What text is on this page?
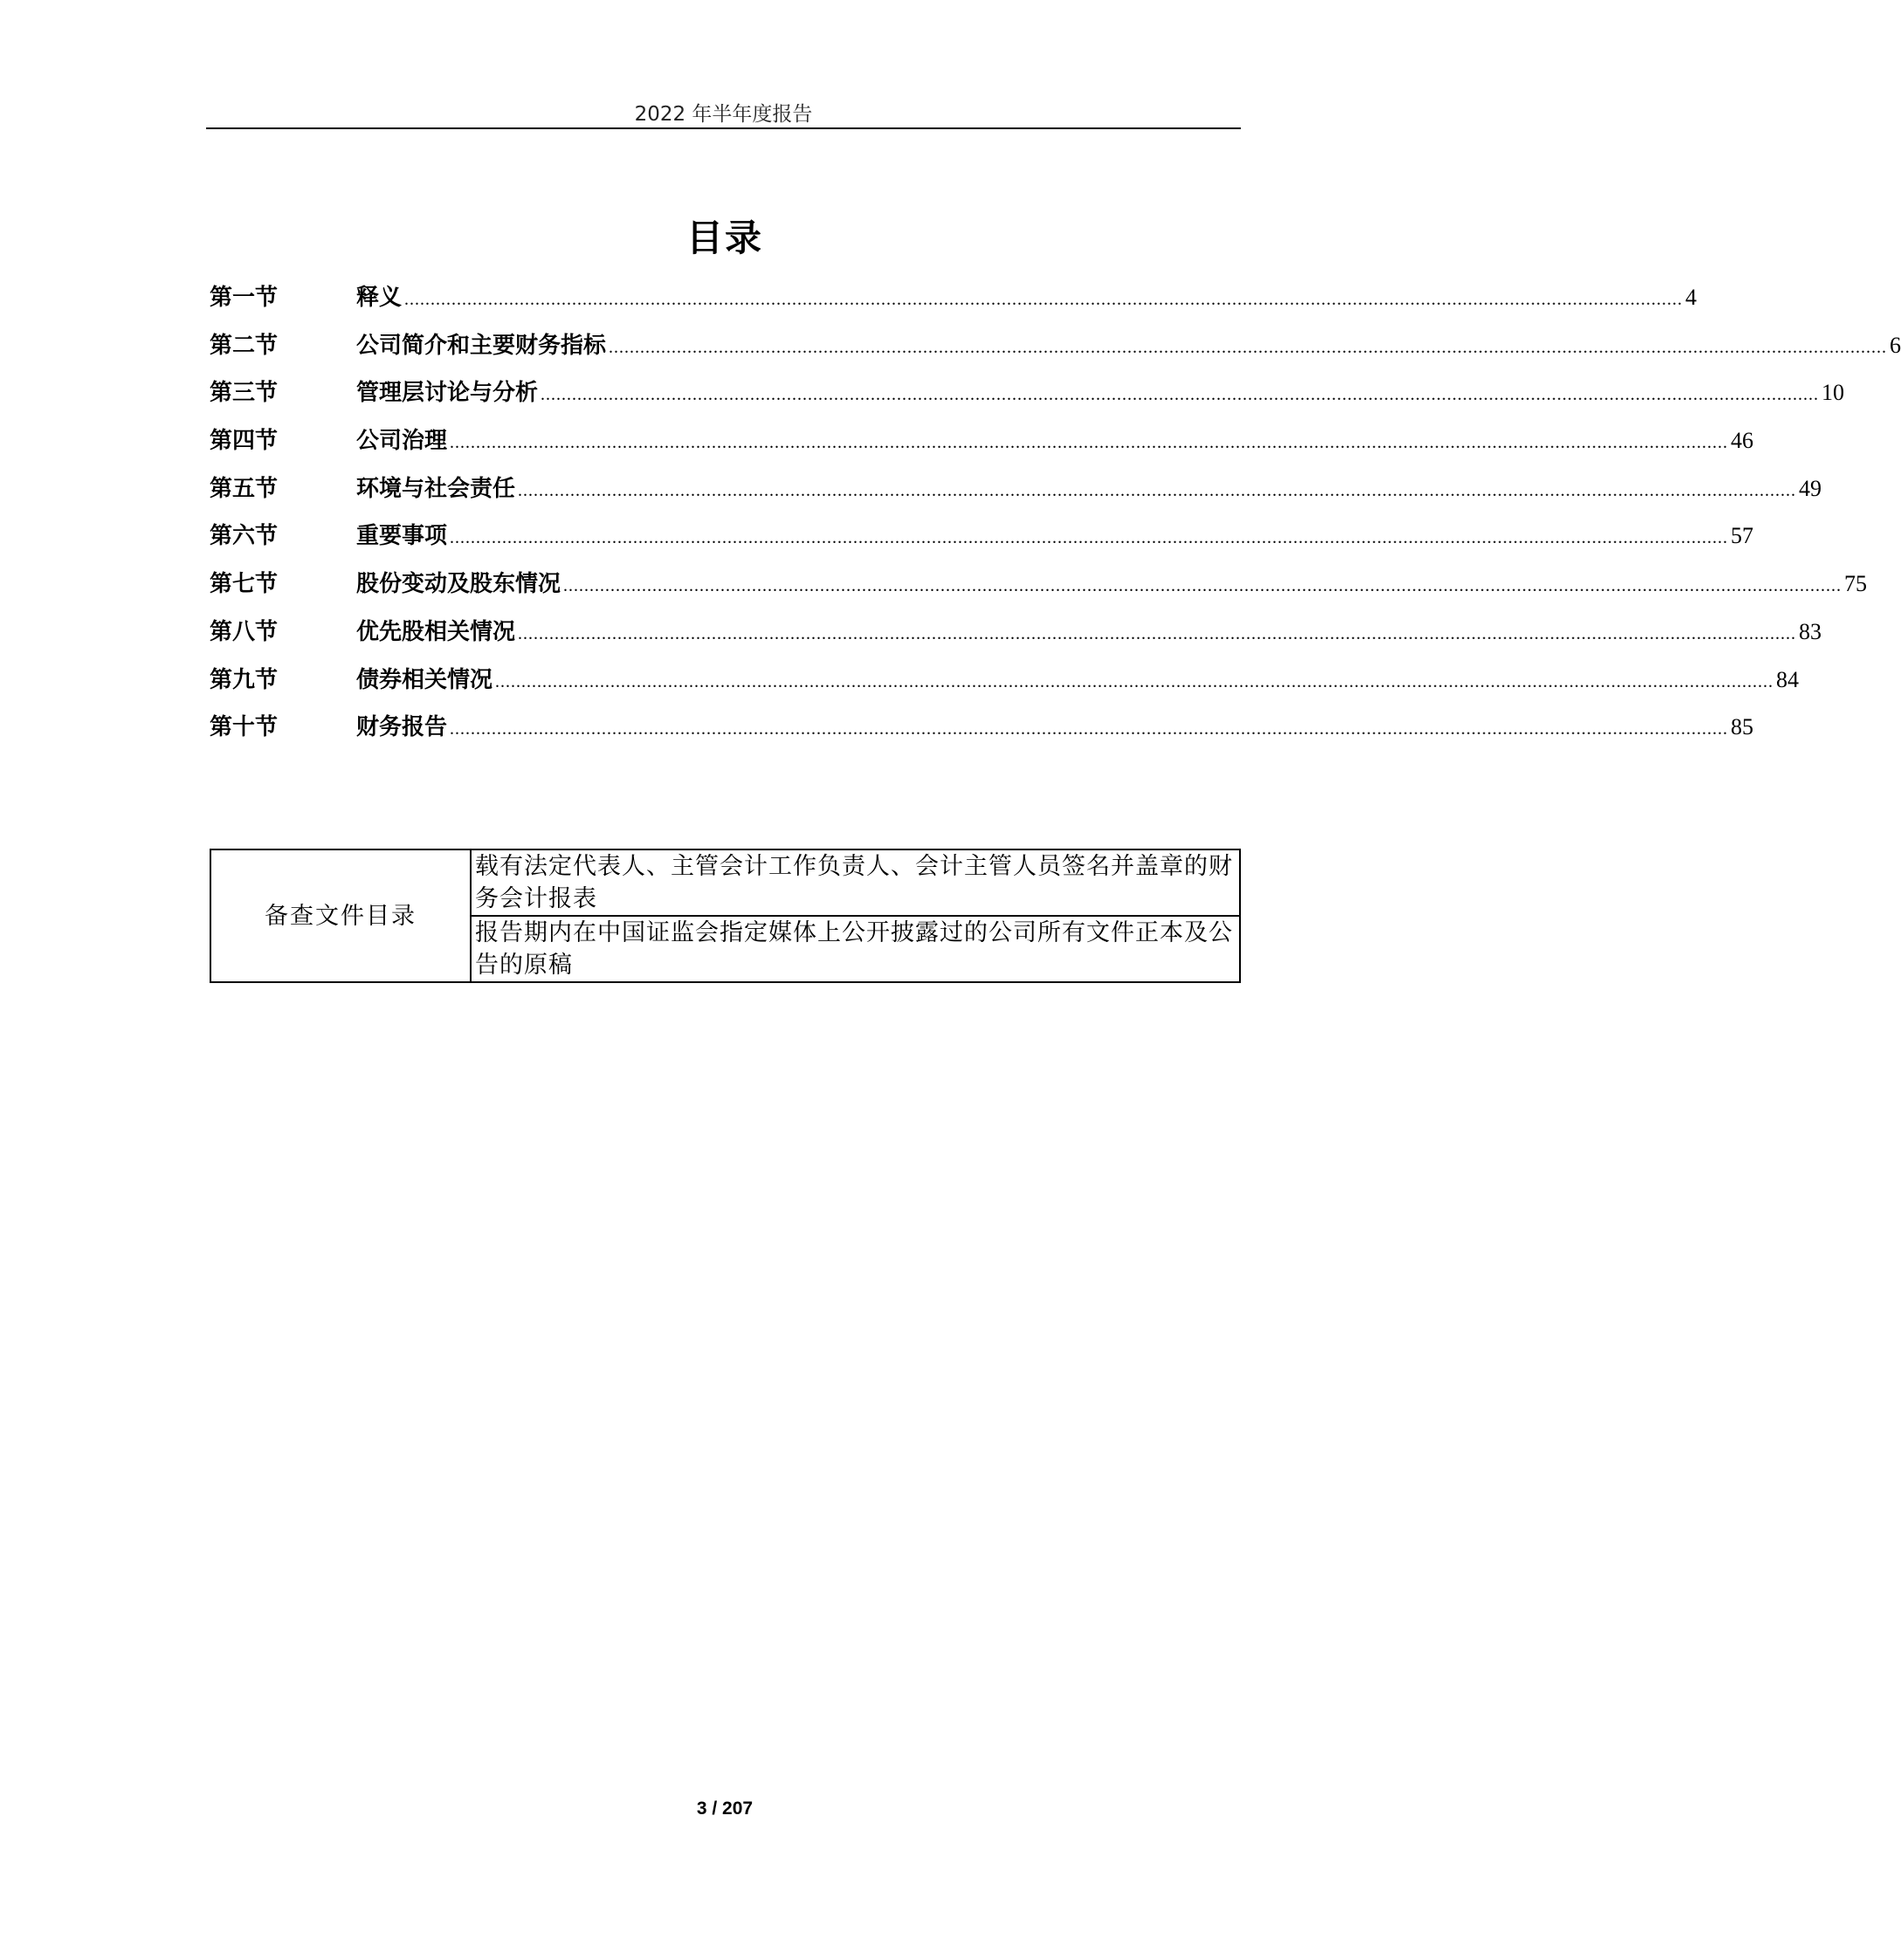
2022 年半年度报告
目录
第一节	释义 .................................................................................................................................................................................................................................................... 4
第二节	公司简介和主要财务指标 .................................................................................................................................................................................................................................................... 6
第三节	管理层讨论与分析 .................................................................................................................................................................................................................................................... 10
第四节	公司治理 .................................................................................................................................................................................................................................................... 46
第五节	环境与社会责任 .................................................................................................................................................................................................................................................... 49
第六节	重要事项 .................................................................................................................................................................................................................................................... 57
第七节	股份变动及股东情况 .................................................................................................................................................................................................................................................... 75
第八节	优先股相关情况 .................................................................................................................................................................................................................................................... 83
第九节	债券相关情况 .................................................................................................................................................................................................................................................... 84
第十节	财务报告 .................................................................................................................................................................................................................................................... 85
备查文件目录	载有法定代表人、主管会计工作负责人、会计主管人员签名并盖章的财务会计报表
报告期内在中国证监会指定媒体上公开披露过的公司所有文件正本及公告的原稿
3 / 207
